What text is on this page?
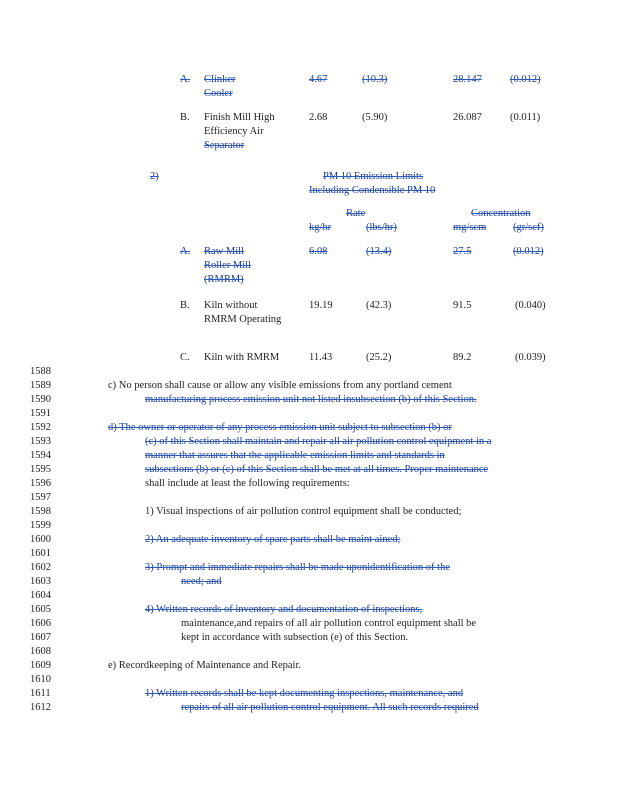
A. Clinker
Cooler
4.67	(10.3)	28.147	(0.012)
B. Finish Mill High
Efficiency Air
Separator
2.68	(5.90)	26.087	(0.011)
2)	PM 10 Emission Limits
Including Condensible PM 10
Rate	Concentration
kg/hr	(lbs/hr)	mg/scm	(gr/scf)
A. Raw Mill
Roller Mill
(RMRM)
6.08	(13.4)	27.5	(0.012)
B. Kiln without
RMRM Operating
19.19	(42.3)	91.5	(0.040)
C. Kiln with RMRM	11.43	(25.2)	89.2	(0.039)
1588
1589
1590
1591
1592
1593
1594
1595
1596
1597
1598
1599
1600
1601
1602
1603
1604
1605
1606
1607
1608
1609
1610
1611
1612
c) No person shall cause or allow any visible emissions from any portland cement
manufacturing process emission unit not listed insubsection (b) of this Section.
d) The owner or operator of any process emission unit subject to subsection (b) or
(c) of this Section shall maintain and repair all air pollution control equipment in a
manner that assures that the applicable emission limits and standards in
subsections (b) or (c) of this Section shall be met at all times. Proper maintenance
shall include at least the following requirements:
1) Visual inspections of air pollution control equipment shall be conducted;
2) An adequate inventory of spare parts shall be maint ained;
3) Prompt and immediate repairs shall be made uponidentification of the
need; and
4) Written records of inventory and documentation of inspections,
maintenance,and repairs of all air pollution control equipment shall be
kept in accordance with subsection (e) of this Section.
e) Recordkeeping of Maintenance and Repair.
1) Written records shall be kept documenting inspections, maintenance, and
repairs of all air pollution control equipment. All such records required
